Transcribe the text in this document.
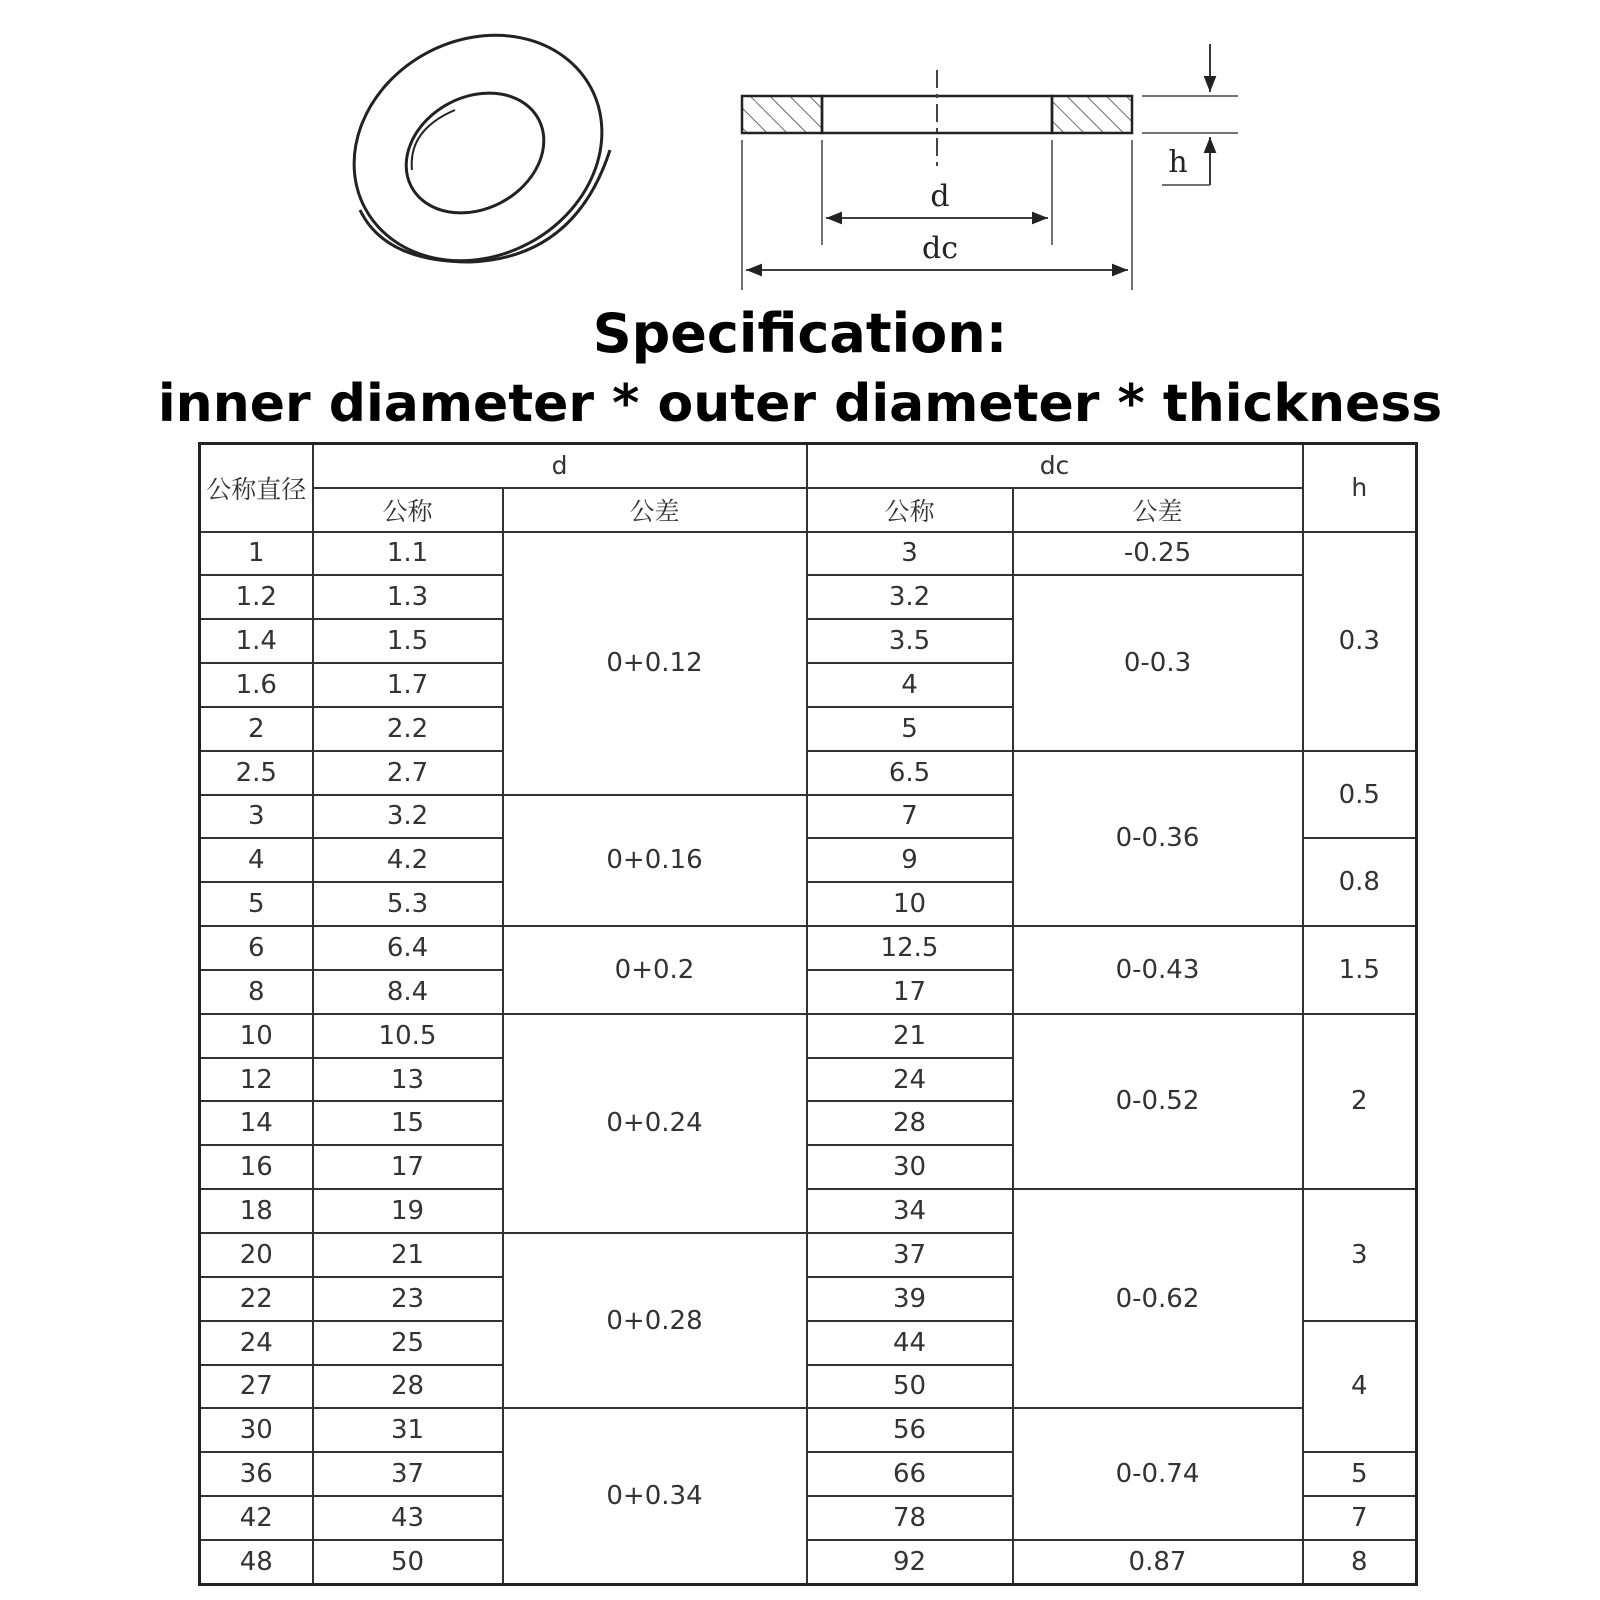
d
dc
h
Specification:
inner diameter * outer diameter * thickness
公称直径	d		dc		h
	公称	公差	公称	公差	
1	1.1	0+0.12	3	-0.25	0.3
1.2	1.3		3.2	0-0.3	
1.4	1.5		3.5		
1.6	1.7		4		
2	2.2		5		
2.5	2.7		6.5	0-0.36	0.5
3	3.2	0+0.16	7		
4	4.2		9		0.8
5	5.3		10		
6	6.4	0+0.2	12.5	0-0.43	1.5
8	8.4		17		
10	10.5	0+0.24	21	0-0.52	2
12	13		24		
14	15		28		
16	17		30		
18	19		34	0-0.62	3
20	21	0+0.28	37		
22	23		39		
24	25		44		4
27	28		50		
30	31	0+0.34	56	0-0.74	
36	37		66		5
42	43		78		7
48	50		92	0.87	8
